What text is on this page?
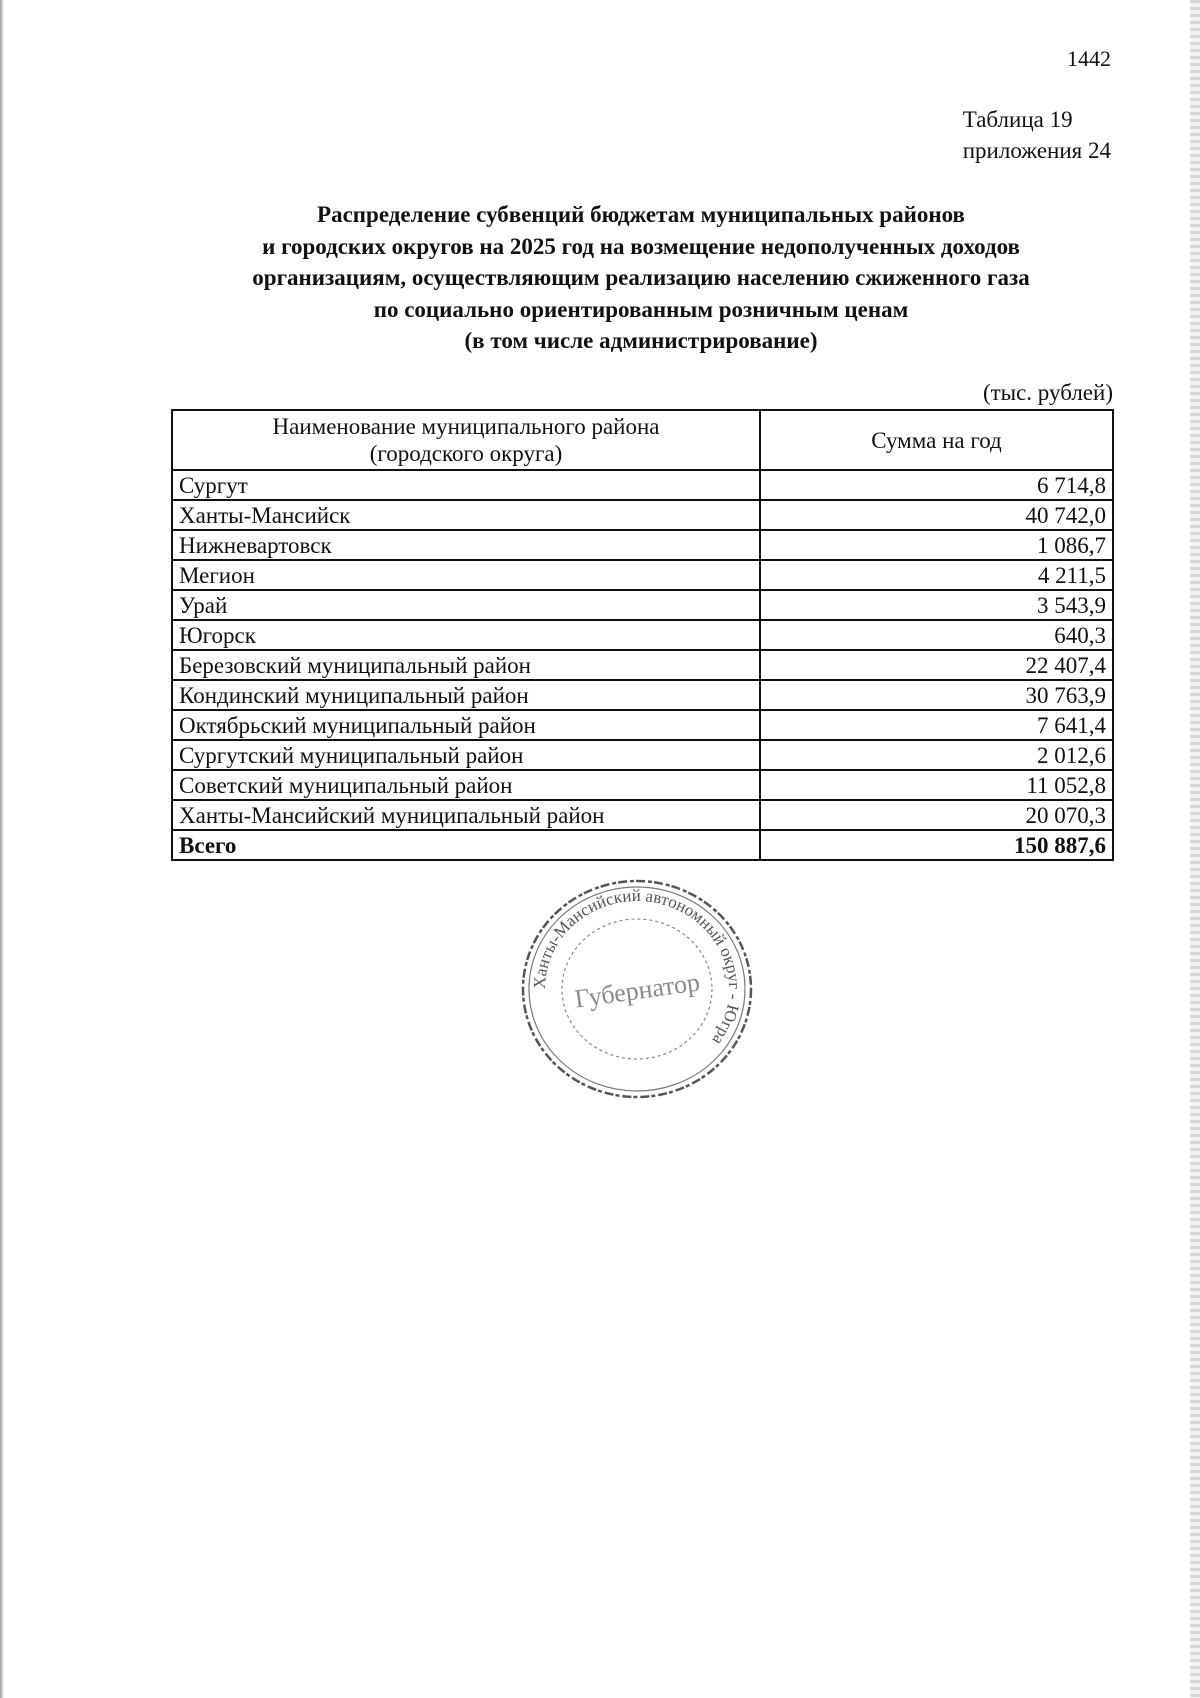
1442
Таблица 19
приложения 24
Распределение субвенций бюджетам муниципальных районов
и городских округов на 2025 год на возмещение недополученных доходов
организациям, осуществляющим реализацию населению сжиженного газа
по социально ориентированным розничным ценам
(в том числе администрирование)
(тыс. рублей)
Наименование муниципального района
(городского округа)	Сумма на год
Сургут	6 714,8
Ханты-Мансийск	40 742,0
Нижневартовск	1 086,7
Мегион	4 211,5
Урай	3 543,9
Югорск	640,3
Березовский муниципальный район	22 407,4
Кондинский муниципальный район	30 763,9
Октябрьский муниципальный район	7 641,4
Сургутский муниципальный район	2 012,6
Советский муниципальный район	11 052,8
Ханты-Мансийский муниципальный район	20 070,3
Всего	150 887,6
Ханты-Мансийский автономный округ - Югра
Губернатор
